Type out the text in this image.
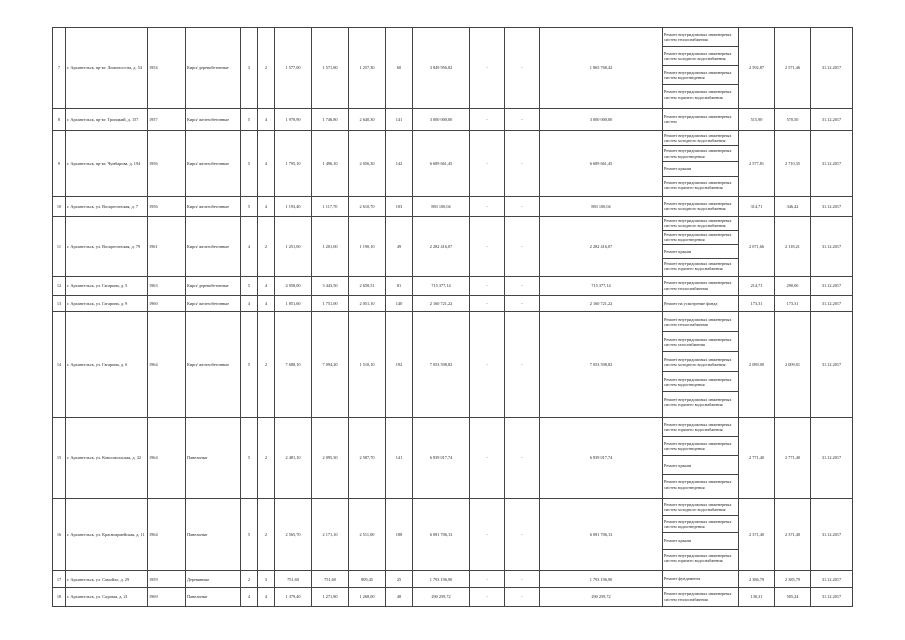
7	г. Архангельск, пр-кт. Ломоносо-ва, д. 54	1954	Кирп/ деревобетонные	3	2	1 577,00	1 571,80	1 257,30	60	3 849 956,82	-	-	1 865 768,42	Ремонт внутридомовых инженерных систем теплоснабжения
Ремонт внутридомовых инженерных систем холодного водоснабжения
Ремонт внутридомовых инженерных систем водоотведения
Ремонт внутридомовых инженерных систем горячего водоснабжения	2 592,87	2 571,46	31.12.2017
8	г. Архангельск, пр-кт. Троицкий, д. 157	1957	Кирп/ железобетонные	5	4	1 970,90	1 746,80	2 640,30	141	3 000 000,00	-	-	3 000 000,00	Ремонт внутридомовых инженерных систем	515,90	570,50	31.12.2017
9	г. Архангельск, пр-кт. Чумбарова, д. 194	1956	Кирп/ железобетонные	5	4	1 795,10	1 496,10	2 056,30	142	6 689 661,45	-	-	6 689 661,45	Ремонт внутридомовых инженерных систем холодного водоснабжения
Ремонт внутридомовых инженерных систем водоотведения
Ремонт крыши
Ремонт внутридомовых инженерных систем горячего водоснабжения	2 577,81	2 710,35	31.12.2017
10	г. Архангельск, ул. Воскресенская, д. 7	1956	Кирп/ железобетонные	5	4	1 193,40	1 117,70	2 610,70	103	883 100,04	-	-	883 100,04	Ремонт внутридомовых инженерных систем холодного водоснабжения	314,71	346,42	31.12.2017
11	г. Архангельск, ул. Воскресенская, д. 79	1961	Кирп/ железобетонные	4	2	1 251,00	1 201,00	1 190,10	49	2 282 416,07	-	-	2 282 416,07	Ремонт внутридомовых инженерных систем холодного водоснабжения
Ремонт внутридомовых инженерных систем водоотведения
Ремонт крыши
Ремонт внутридомовых инженерных систем горячего водоснабжения	2 071,66	2 118,21	31.12.2017
12	г. Архангельск, ул. Гагарина, д. 5	1963	Кирп/ деревобетонные	5	4	4 058,00	3 443,50	2 658,51	81	715 377,14	-	-	715 377,14	Ремонт внутридомовых инженерных систем теплоснабжения	214,71	290,00	31.12.2017
13	г. Архангельск, ул. Гагарина, д. 9	1960	Кирп/ железобетонные	4	4	1 851,60	1 751,00	2 051,10	140	2 160 721,22	-	-	2 160 721,22	Ремонт на усмотрение фонда	173,31	173,31	31.12.2017
14	г. Архангельск, ул. Гагарина, д. 6	1964	Кирп/ железобетонные	5	2	7 688,10	7 094,20	1 510,10	192	7 053 598,82	-	-	7 053 598,82	Ремонт внутридомовых инженерных систем теплоснабжения
Ремонт внутридомовых инженерных систем газоснабжения
Ремонт внутридомовых инженерных систем холодного водоснабжения
Ремонт внутридомовых инженерных систем водоотведения
Ремонт внутридомовых инженерных систем горячего водоснабжения	2 089,00	2 009,01	31.12.2017
15	г. Архангельск, ул. Комсомольская, д. 32	1964	Панельные	5	2	2 481,10	2 095,30	2 587,70	141	6 839 017,74	-	-	6 839 017,74	Ремонт внутридомовых инженерных систем горячего водоснабжения
Ремонт внутридомовых инженерных систем водоотведения
Ремонт крыши
Ремонт внутридомовых инженерных систем водоотведения	2 771,40	2 771,40	31.12.2017
16	г. Архангельск, ул. Красноармейская, д. 11	1964	Панельные	5	2	2 565,70	2 171,10	2 511,00	188	6 081 706,13	-	-	6 081 706,13	Ремонт внутридомовых инженерных систем холодного водоснабжения
Ремонт внутридомовых инженерных систем водоотведения
Ремонт крыши
Ремонт внутридомовых инженерных систем горячего водоснабжения	2 371,40	2 371,40	31.12.2017
17	г. Архангельск, ул. Самойло, д. 29	1959	Деревянные	2	3	751,60	751,60	809,45	25	1 793 196,90	-	-	1 793 196,90	Ремонт фундамента	2 386,79	2 385,79	31.12.2017
18	г. Архангельск, ул. Садовая, д. 21	1969	Панельные	4	4	1 379,40	1 271,80	1 268,00	48	290 259,72	-	-	290 259,72	Ремонт внутридомовых инженерных систем теплоснабжения	130,31	505,24	31.12.2017
